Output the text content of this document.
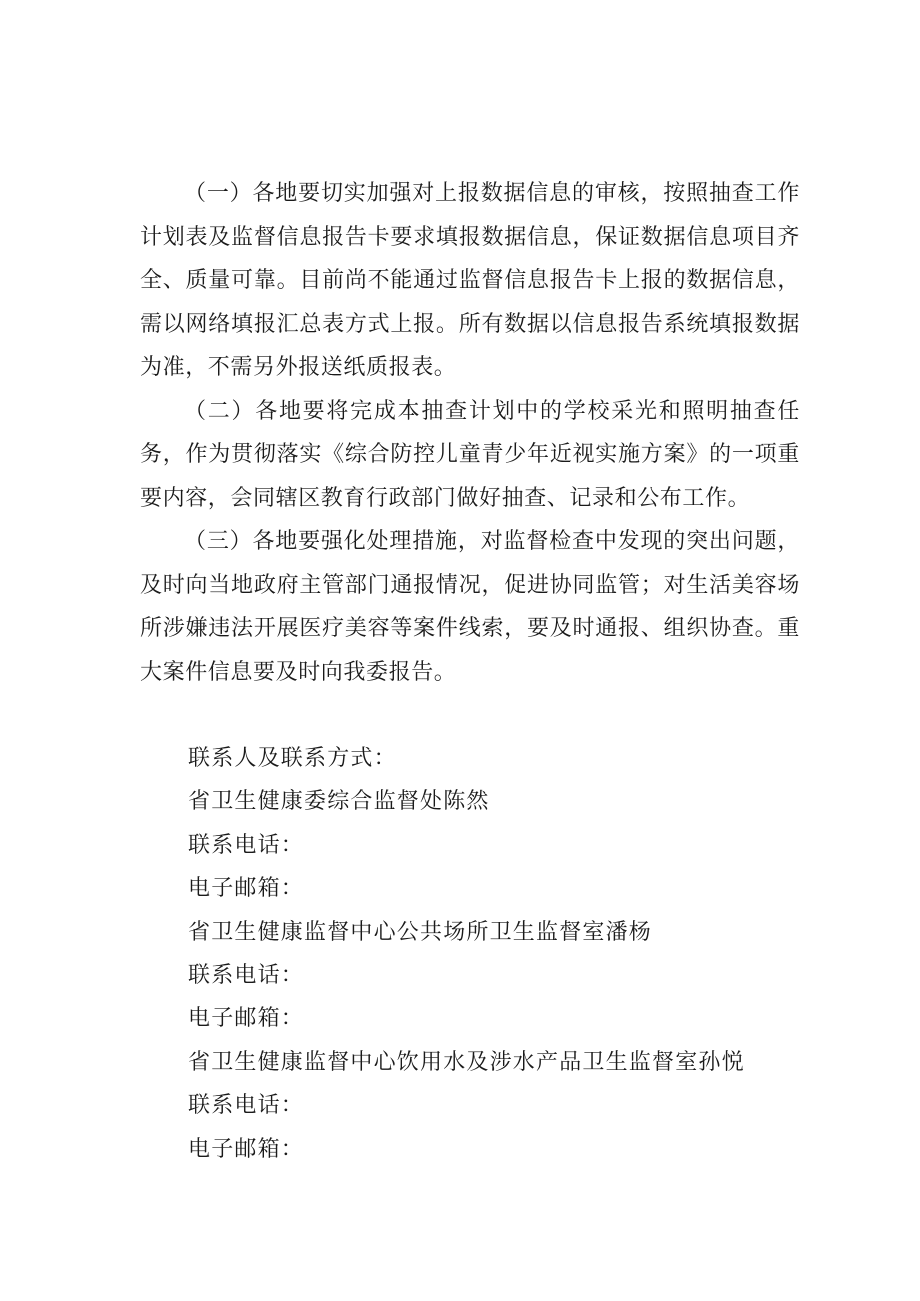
（一）各地要切实加强对上报数据信息的审核，按照抽查工作计划表及监督信息报告卡要求填报数据信息，保证数据信息项目齐全、质量可靠。目前尚不能通过监督信息报告卡上报的数据信息，需以网络填报汇总表方式上报。所有数据以信息报告系统填报数据为准，不需另外报送纸质报表。

（二）各地要将完成本抽查计划中的学校采光和照明抽查任务，作为贯彻落实《综合防控儿童青少年近视实施方案》的一项重要内容，会同辖区教育行政部门做好抽查、记录和公布工作。

（三）各地要强化处理措施，对监督检查中发现的突出问题，及时向当地政府主管部门通报情况，促进协同监管；对生活美容场所涉嫌违法开展医疗美容等案件线索，要及时通报、组织协查。重大案件信息要及时向我委报告。

联系人及联系方式：

省卫生健康委综合监督处陈然

联系电话：

电子邮箱：

省卫生健康监督中心公共场所卫生监督室潘杨

联系电话：

电子邮箱：

省卫生健康监督中心饮用水及涉水产品卫生监督室孙悦

联系电话：

电子邮箱：
